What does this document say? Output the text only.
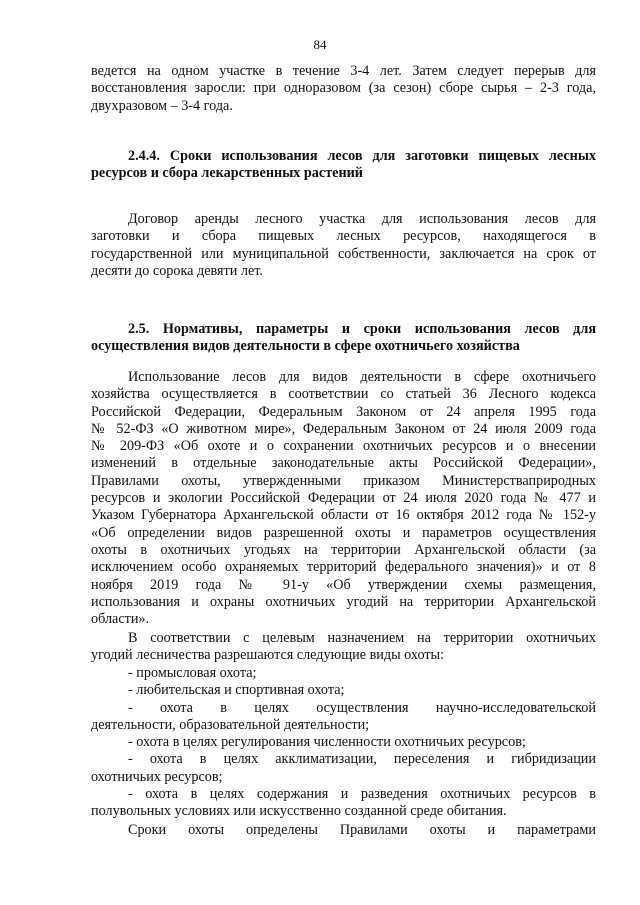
84
ведется на одном участке в течение 3-4 лет. Затем следует перерыв для
восстановления заросли: при одноразовом (за сезон) сборе сырья – 2-3 года,
двухразовом – 3-4 года.
2.4.4. Сроки использования лесов для заготовки пищевых лесных
ресурсов и сбора лекарственных растений
Договор аренды лесного участка для использования лесов для
заготовки и сбора пищевых лесных ресурсов, находящегося в
государственной или муниципальной собственности, заключается на срок от
десяти до сорока девяти лет.
2.5. Нормативы, параметры и сроки использования лесов для
осуществления видов деятельности в сфере охотничьего хозяйства
Использование лесов для видов деятельности в сфере охотничьего
хозяйства осуществляется в соответствии со статьей 36 Лесного кодекса
Российской Федерации, Федеральным Законом от 24 апреля 1995 года
№ 52-ФЗ «О животном мире», Федеральным Законом от 24 июля 2009 года
№ 209-ФЗ «Об охоте и о сохранении охотничьих ресурсов и о внесении
изменений в отдельные законодательные акты Российской Федерации»,
Правилами охоты, утвержденными приказом Министерстваприродных
ресурсов и экологии Российской Федерации от 24 июля 2020 года № 477 и
Указом Губернатора Архангельской области от 16 октября 2012 года № 152-у
«Об определении видов разрешенной охоты и параметров осуществления
охоты в охотничьих угодьях на территории Архангельской области (за
исключением особо охраняемых территорий федерального значения)» и от 8
ноября 2019 года № 91-у «Об утверждении схемы размещения,
использования и охраны охотничьих угодий на территории Архангельской
области».
В соответствии с целевым назначением на территории охотничьих
угодий лесничества разрешаются следующие виды охоты:
- промысловая охота;
- любительская и спортивная охота;
- охота в целях осуществления научно-исследовательской
деятельности, образовательной деятельности;
- охота в целях регулирования численности охотничьих ресурсов;
- охота в целях акклиматизации, переселения и гибридизации
охотничьих ресурсов;
- охота в целях содержания и разведения охотничьих ресурсов в
полувольных условиях или искусственно созданной среде обитания.
Сроки охоты определены Правилами охоты и параметрами
